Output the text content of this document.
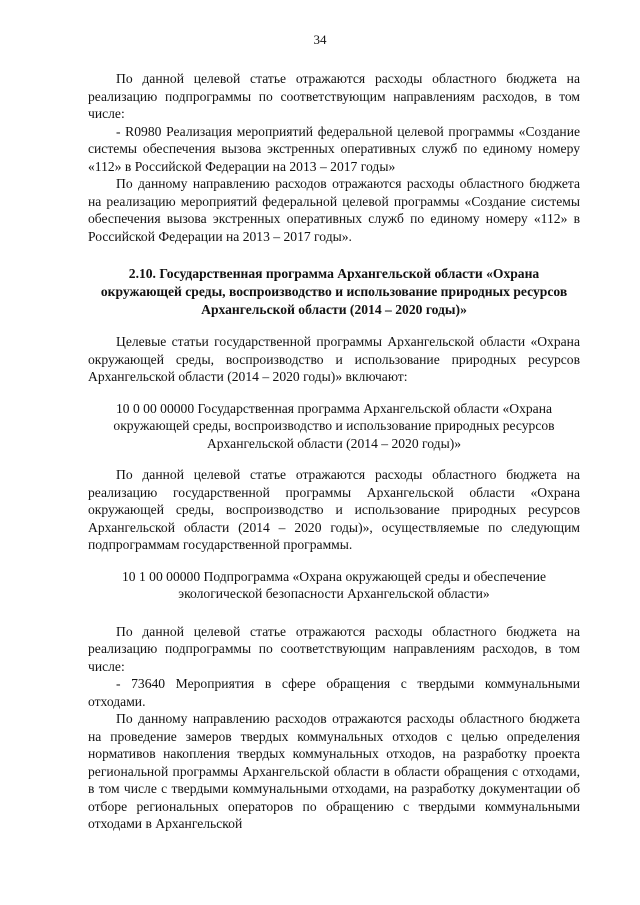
34

По данной целевой статье отражаются расходы областного бюджета на реализацию подпрограммы по соответствующим направлениям расходов, в том числе:

- R0980 Реализация мероприятий федеральной целевой программы «Создание системы обеспечения вызова экстренных оперативных служб по единому номеру «112» в Российской Федерации на 2013 – 2017 годы»

По данному направлению расходов отражаются расходы областного бюджета на реализацию мероприятий федеральной целевой программы «Создание системы обеспечения вызова экстренных оперативных служб по единому номеру «112» в Российской Федерации на 2013 – 2017 годы».

2.10. Государственная программа Архангельской области «Охрана окружающей среды, воспроизводство и использование природных ресурсов Архангельской области (2014 – 2020 годы)»

Целевые статьи государственной программы Архангельской области «Охрана окружающей среды, воспроизводство и использование природных ресурсов Архангельской области (2014 – 2020 годы)» включают:

10 0 00 00000 Государственная программа Архангельской области «Охрана окружающей среды, воспроизводство и использование природных ресурсов Архангельской области (2014 – 2020 годы)»

По данной целевой статье отражаются расходы областного бюджета на реализацию государственной программы Архангельской области «Охрана окружающей среды, воспроизводство и использование природных ресурсов Архангельской области (2014 – 2020 годы)», осуществляемые по следующим подпрограммам государственной программы.

10 1 00 00000 Подпрограмма «Охрана окружающей среды и обеспечение экологической безопасности Архангельской области»

По данной целевой статье отражаются расходы областного бюджета на реализацию подпрограммы по соответствующим направлениям расходов, в том числе:

- 73640 Мероприятия в сфере обращения с твердыми коммунальными отходами.

По данному направлению расходов отражаются расходы областного бюджета на проведение замеров твердых коммунальных отходов с целью определения нормативов накопления твердых коммунальных отходов, на разработку проекта региональной программы Архангельской области в области обращения с отходами, в том числе с твердыми коммунальными отходами, на разработку документации об отборе региональных операторов по обращению с твердыми коммунальными отходами в Архангельской
